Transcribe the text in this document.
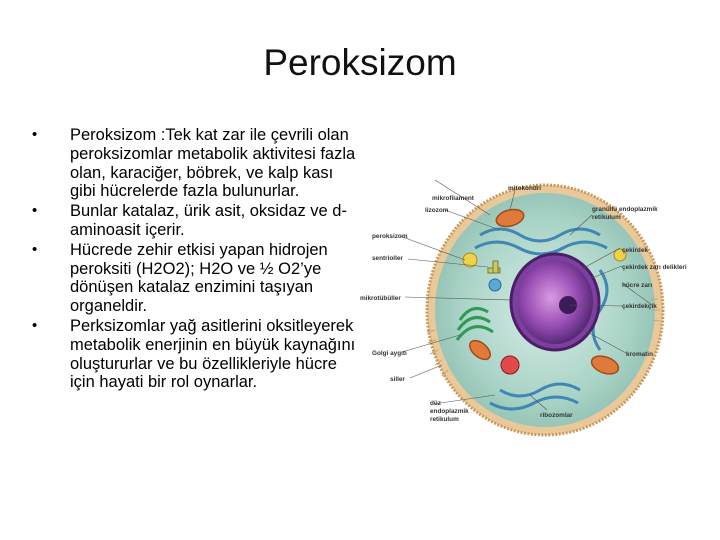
Peroksizom
• Peroksizom :Tek kat zar ile çevrili olan peroksizomlar metabolik aktivitesi fazla olan, karaciğer, böbrek, ve kalp kası gibi hücrelerde fazla bulunurlar.
• Bunlar katalaz, ürik asit, oksidaz ve d-aminoasit içerir.
• Hücrede zehir etkisi yapan hidrojen peroksiti (H2O2); H2O ve ½ O2’ye dönüşen katalaz enzimini taşıyan organeldir.
• Perksizomlar yağ asitlerini oksitleyerek metabolik enerjinin en büyük kaynağını oluştururlar ve bu özellikleriyle hücre için hayati bir rol oynarlar.
mikrofilament
mitokondri
lizozom	granüllü endoplazmik
retikulum
peroksizom
sentrioller
çekirdek
çekirdek zarı delikleri
hücre zarı
mikrotübüller
çekirdekçik
Golgi aygıtı	kromatin
siller
ribozomlar
düz
endoplazmik
retikulum
